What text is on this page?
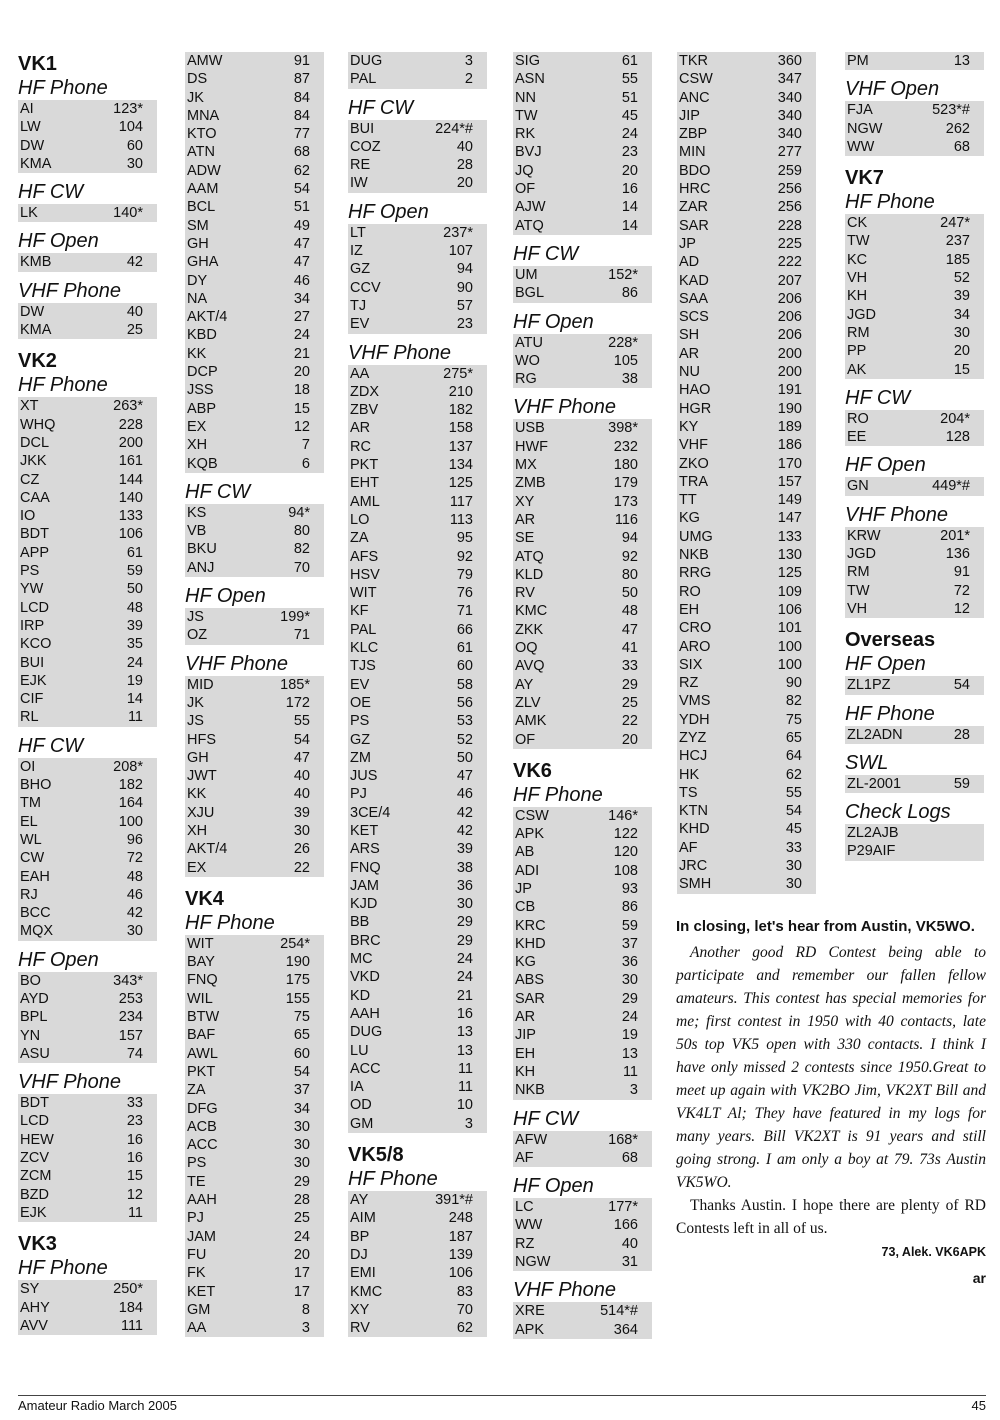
VK1
HF Phone
AI	123*
LW	104
DW	60
KMA	30
HF CW
LK	140*
HF Open
KMB	42
VHF Phone
DW	40
KMA	25
VK2
HF Phone
XT	263*
WHQ	228
DCL	200
JKK	161
CZ	144
CAA	140
IO	133
BDT	106
APP	61
PS	59
YW	50
LCD	48
IRP	39
KCO	35
BUI	24
EJK	19
CIF	14
RL	11
HF CW
OI	208*
BHO	182
TM	164
EL	100
WL	96
CW	72
EAH	48
RJ	46
BCC	42
MQX	30
HF Open
BO	343*
AYD	253
BPL	234
YN	157
ASU	74
VHF Phone
BDT	33
LCD	23
HEW	16
ZCV	16
ZCM	15
BZD	12
EJK	11
VK3
HF Phone
SY	250*
AHY	184
AVV	111
AMW	91
DS	87
JK	84
MNA	84
KTO	77
ATN	68
ADW	62
AAM	54
BCL	51
SM	49
GH	47
GHA	47
DY	46
NA	34
AKT/4	27
KBD	24
KK	21
DCP	20
JSS	18
ABP	15
EX	12
XH	7
KQB	6
HF CW
KS	94*
VB	80
BKU	82
ANJ	70
HF Open
JS	199*
OZ	71
VHF Phone
MID	185*
JK	172
JS	55
HFS	54
GH	47
JWT	40
KK	40
XJU	39
XH	30
AKT/4	26
EX	22
VK4
HF Phone
WIT	254*
BAY	190
FNQ	175
WIL	155
BTW	75
BAF	65
AWL	60
PKT	54
ZA	37
DFG	34
ACB	30
ACC	30
PS	30
TE	29
AAH	28
PJ	25
JAM	24
FU	20
FK	17
KET	17
GM	8
AA	3
DUG	3
PAL	2
HF CW
BUI	224*#
COZ	40
RE	28
IW	20
HF Open
LT	237*
IZ	107
GZ	94
CCV	90
TJ	57
EV	23
VHF Phone
AA	275*
ZDX	210
ZBV	182
AR	158
RC	137
PKT	134
EHT	125
AML	117
LO	113
ZA	95
AFS	92
HSV	79
WIT	76
KF	71
PAL	66
KLC	61
TJS	60
EV	58
OE	56
PS	53
GZ	52
ZM	50
JUS	47
PJ	46
3CE/4	42
KET	42
ARS	39
FNQ	38
JAM	36
KJD	30
BB	29
BRC	29
MC	24
VKD	24
KD	21
AAH	16
DUG	13
LU	13
ACC	11
IA	11
OD	10
GM	3
VK5/8
HF Phone
AY	391*#
AIM	248
BP	187
DJ	139
EMI	106
KMC	83
XY	70
RV	62
SIG	61
ASN	55
NN	51
TW	45
RK	24
BVJ	23
JQ	20
OF	16
AJW	14
ATQ	14
HF CW
UM	152*
BGL	86
HF Open
ATU	228*
WO	105
RG	38
VHF Phone
USB	398*
HWF	232
MX	180
ZMB	179
XY	173
AR	116
SE	94
ATQ	92
KLD	80
RV	50
KMC	48
ZKK	47
OQ	41
AVQ	33
AY	29
ZLV	25
AMK	22
OF	20
VK6
HF Phone
CSW	146*
APK	122
AB	120
ADI	108
JP	93
CB	86
KRC	59
KHD	37
KG	36
ABS	30
SAR	29
AR	24
JIP	19
EH	13
KH	11
NKB	3
HF CW
AFW	168*
AF	68
HF Open
LC	177*
WW	166
RZ	40
NGW	31
VHF Phone
XRE	514*#
APK	364
TKR	360
CSW	347
ANC	340
JIP	340
ZBP	340
MIN	277
BDO	259
HRC	256
ZAR	256
SAR	228
JP	225
AD	222
KAD	207
SAA	206
SCS	206
SH	206
AR	200
NU	200
HAO	191
HGR	190
KY	189
VHF	186
ZKO	170
TRA	157
TT	149
KG	147
UMG	133
NKB	130
RRG	125
RO	109
EH	106
CRO	101
ARO	100
SIX	100
RZ	90
VMS	82
YDH	75
ZYZ	65
HCJ	64
HK	62
TS	55
KTN	54
KHD	45
AF	33
JRC	30
SMH	30
PM	13
VHF Open
FJA	523*#
NGW	262
WW	68
VK7
HF Phone
CK	247*
TW	237
KC	185
VH	52
KH	39
JGD	34
RM	30
PP	20
AK	15
HF CW
RO	204*
EE	128
HF Open
GN	449*#
VHF Phone
KRW	201*
JGD	136
RM	91
TW	72
VH	12
Overseas
HF Open
ZL1PZ	54
HF Phone
ZL2ADN	28
SWL
ZL-2001	59
Check Logs
ZL2AJB
P29AIF
In closing, let's hear from Austin, VK5WO.

Another good RD Contest being able to participate and remember our fallen fellow amateurs. This contest has special memories for me; first contest in 1950 with 40 contacts, late 50s top VK5 open with 330 contacts. I think I have only missed 2 contests since 1950.Great to meet up again with VK2BO Jim, VK2XT Bill and VK4LT Al; They have featured in my logs for many years. Bill VK2XT is 91 years and still going strong. I am only a boy at 79. 73s Austin VK5WO.

Thanks Austin. I hope there are plenty of RD Contests left in all of us.

73, Alek. VK6APK
ar
Amateur Radio March 2005	45
